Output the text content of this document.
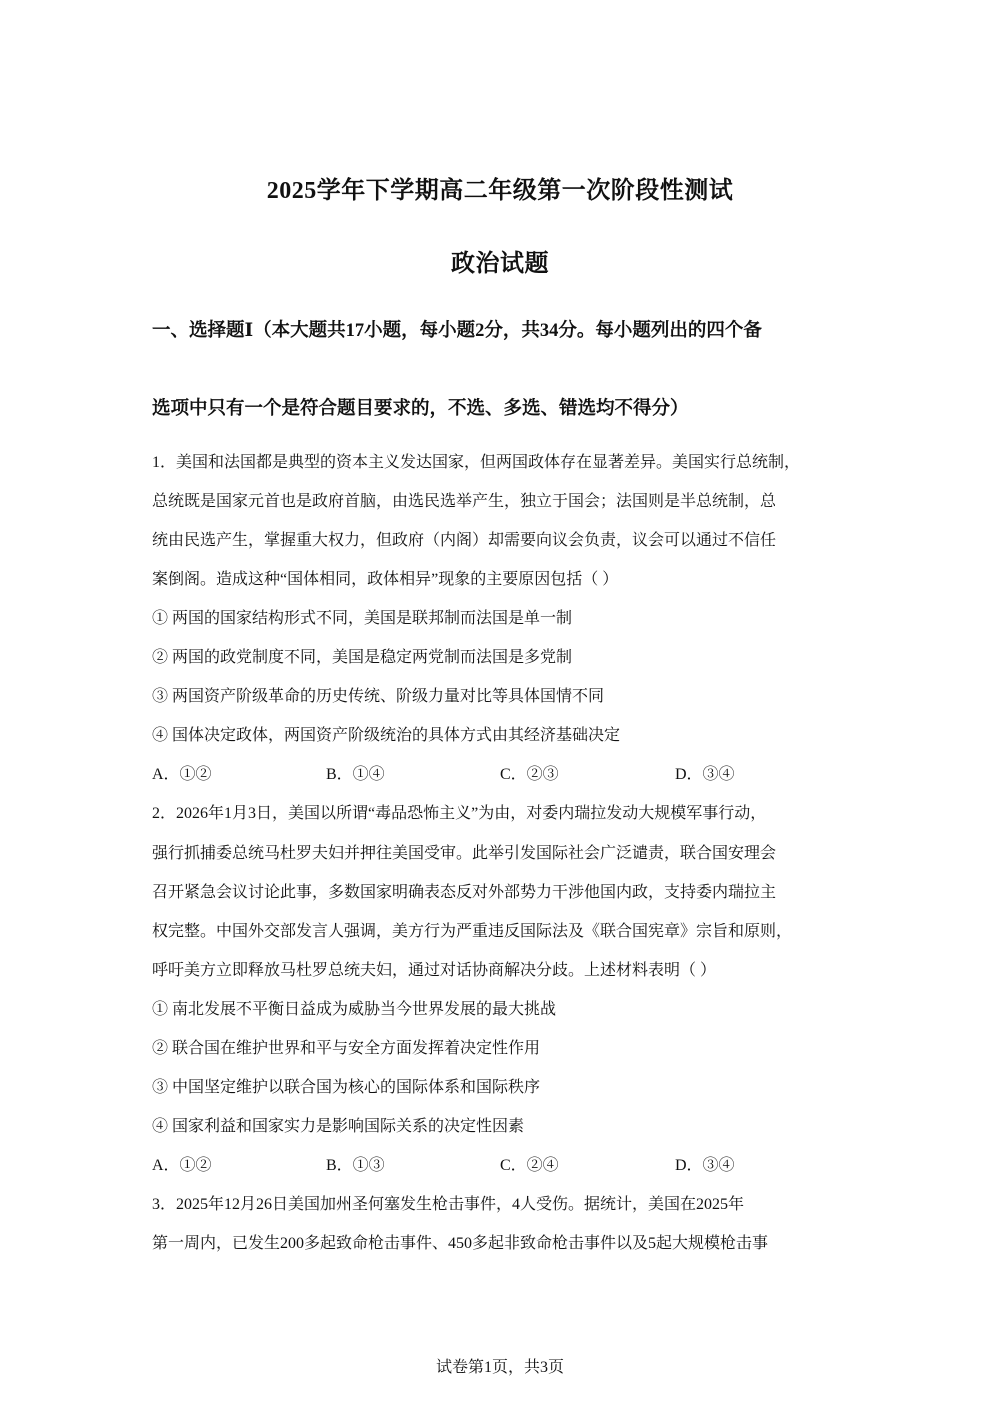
2025学年下学期高二年级第一次阶段性测试
政治试题
一、选择题Ⅰ（本大题共17小题，每小题2分，共34分。每小题列出的四个备
选项中只有一个是符合题目要求的，不选、多选、错选均不得分）
1．美国和法国都是典型的资本主义发达国家，但两国政体存在显著差异。美国实行总统制，
总统既是国家元首也是政府首脑，由选民选举产生，独立于国会；法国则是半总统制，总
统由民选产生，掌握重大权力，但政府（内阁）却需要向议会负责，议会可以通过不信任
案倒阁。造成这种“国体相同，政体相异”现象的主要原因包括（ ）
① 两国的国家结构形式不同，美国是联邦制而法国是单一制
② 两国的政党制度不同，美国是稳定两党制而法国是多党制
③ 两国资产阶级革命的历史传统、阶级力量对比等具体国情不同
④ 国体决定政体，两国资产阶级统治的具体方式由其经济基础决定
A．①②	B．①④	C．②③	D．③④
2．2026年1月3日，美国以所谓“毒品恐怖主义”为由，对委内瑞拉发动大规模军事行动，
强行抓捕委总统马杜罗夫妇并押往美国受审。此举引发国际社会广泛谴责，联合国安理会
召开紧急会议讨论此事，多数国家明确表态反对外部势力干涉他国内政，支持委内瑞拉主
权完整。中国外交部发言人强调，美方行为严重违反国际法及《联合国宪章》宗旨和原则，
呼吁美方立即释放马杜罗总统夫妇，通过对话协商解决分歧。上述材料表明（ ）
① 南北发展不平衡日益成为威胁当今世界发展的最大挑战
② 联合国在维护世界和平与安全方面发挥着决定性作用
③ 中国坚定维护以联合国为核心的国际体系和国际秩序
④ 国家利益和国家实力是影响国际关系的决定性因素
A．①②	B．①③	C．②④	D．③④
3．2025年12月26日美国加州圣何塞发生枪击事件，4人受伤。据统计，美国在2025年
第一周内，已发生200多起致命枪击事件、450多起非致命枪击事件以及5起大规模枪击事
试卷第1页，共3页
